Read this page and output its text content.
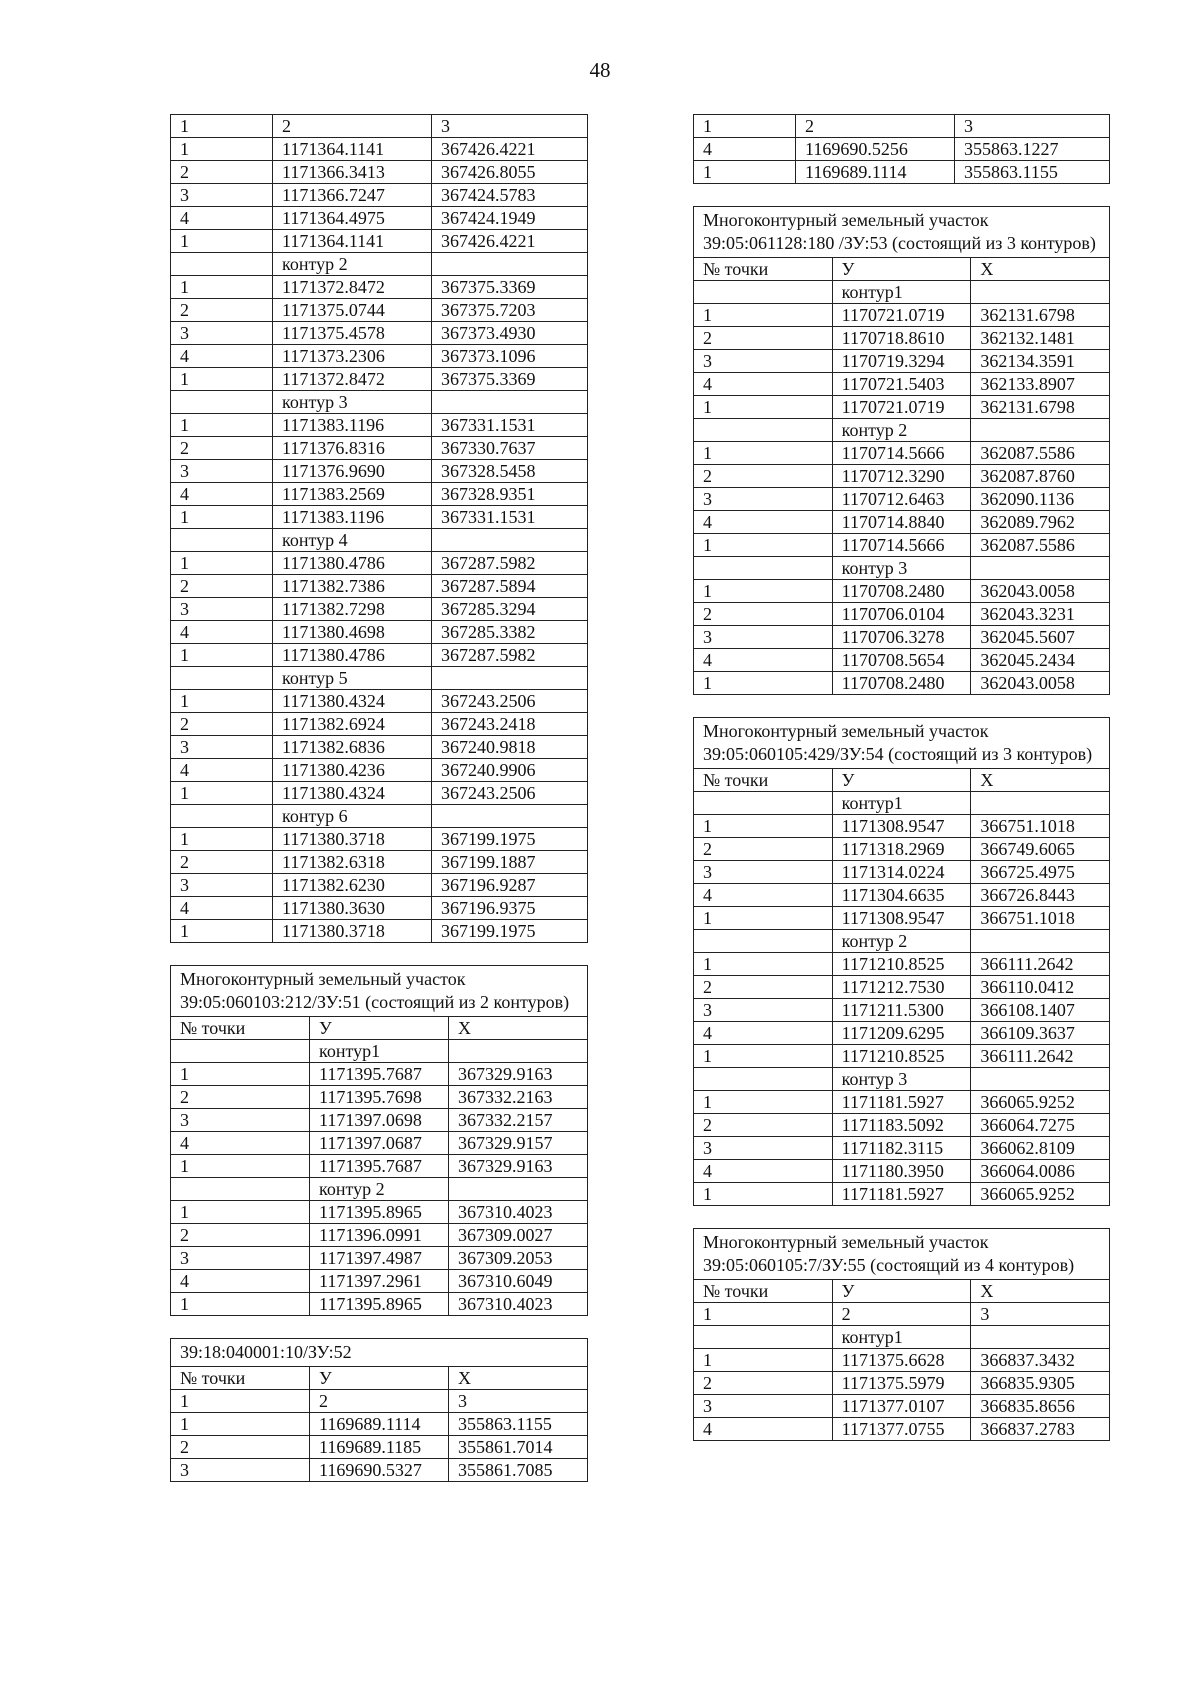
48
1	2	3
1	1171364.1141	367426.4221
2	1171366.3413	367426.8055
3	1171366.7247	367424.5783
4	1171364.4975	367424.1949
1	1171364.1141	367426.4221
	контур 2	
1	1171372.8472	367375.3369
2	1171375.0744	367375.7203
3	1171375.4578	367373.4930
4	1171373.2306	367373.1096
1	1171372.8472	367375.3369
	контур 3	
1	1171383.1196	367331.1531
2	1171376.8316	367330.7637
3	1171376.9690	367328.5458
4	1171383.2569	367328.9351
1	1171383.1196	367331.1531
	контур 4	
1	1171380.4786	367287.5982
2	1171382.7386	367287.5894
3	1171382.7298	367285.3294
4	1171380.4698	367285.3382
1	1171380.4786	367287.5982
	контур 5	
1	1171380.4324	367243.2506
2	1171382.6924	367243.2418
3	1171382.6836	367240.9818
4	1171380.4236	367240.9906
1	1171380.4324	367243.2506
	контур 6	
1	1171380.3718	367199.1975
2	1171382.6318	367199.1887
3	1171382.6230	367196.9287
4	1171380.3630	367196.9375
1	1171380.3718	367199.1975
Многоконтурный земельный участок 39:05:060103:212/ЗУ:51 (состоящий из 2 контуров)		
№ точки	У	Х
	контур1	
1	1171395.7687	367329.9163
2	1171395.7698	367332.2163
3	1171397.0698	367332.2157
4	1171397.0687	367329.9157
1	1171395.7687	367329.9163
	контур 2	
1	1171395.8965	367310.4023
2	1171396.0991	367309.0027
3	1171397.4987	367309.2053
4	1171397.2961	367310.6049
1	1171395.8965	367310.4023
39:18:040001:10/ЗУ:52		
№ точки	У	Х
1	2	3
1	1169689.1114	355863.1155
2	1169689.1185	355861.7014
3	1169690.5327	355861.7085
1	2	3
4	1169690.5256	355863.1227
1	1169689.1114	355863.1155
Многоконтурный земельный участок 39:05:061128:180 /ЗУ:53 (состоящий из 3 контуров)		
№ точки	У	Х
	контур1	
1	1170721.0719	362131.6798
2	1170718.8610	362132.1481
3	1170719.3294	362134.3591
4	1170721.5403	362133.8907
1	1170721.0719	362131.6798
	контур 2	
1	1170714.5666	362087.5586
2	1170712.3290	362087.8760
3	1170712.6463	362090.1136
4	1170714.8840	362089.7962
1	1170714.5666	362087.5586
	контур 3	
1	1170708.2480	362043.0058
2	1170706.0104	362043.3231
3	1170706.3278	362045.5607
4	1170708.5654	362045.2434
1	1170708.2480	362043.0058
Многоконтурный земельный участок 39:05:060105:429/ЗУ:54 (состоящий из 3 контуров)		
№ точки	У	Х
	контур1	
1	1171308.9547	366751.1018
2	1171318.2969	366749.6065
3	1171314.0224	366725.4975
4	1171304.6635	366726.8443
1	1171308.9547	366751.1018
	контур 2	
1	1171210.8525	366111.2642
2	1171212.7530	366110.0412
3	1171211.5300	366108.1407
4	1171209.6295	366109.3637
1	1171210.8525	366111.2642
	контур 3	
1	1171181.5927	366065.9252
2	1171183.5092	366064.7275
3	1171182.3115	366062.8109
4	1171180.3950	366064.0086
1	1171181.5927	366065.9252
Многоконтурный земельный участок 39:05:060105:7/ЗУ:55 (состоящий из 4 контуров)		
№ точки	У	Х
1	2	3
	контур1	
1	1171375.6628	366837.3432
2	1171375.5979	366835.9305
3	1171377.0107	366835.8656
4	1171377.0755	366837.2783
